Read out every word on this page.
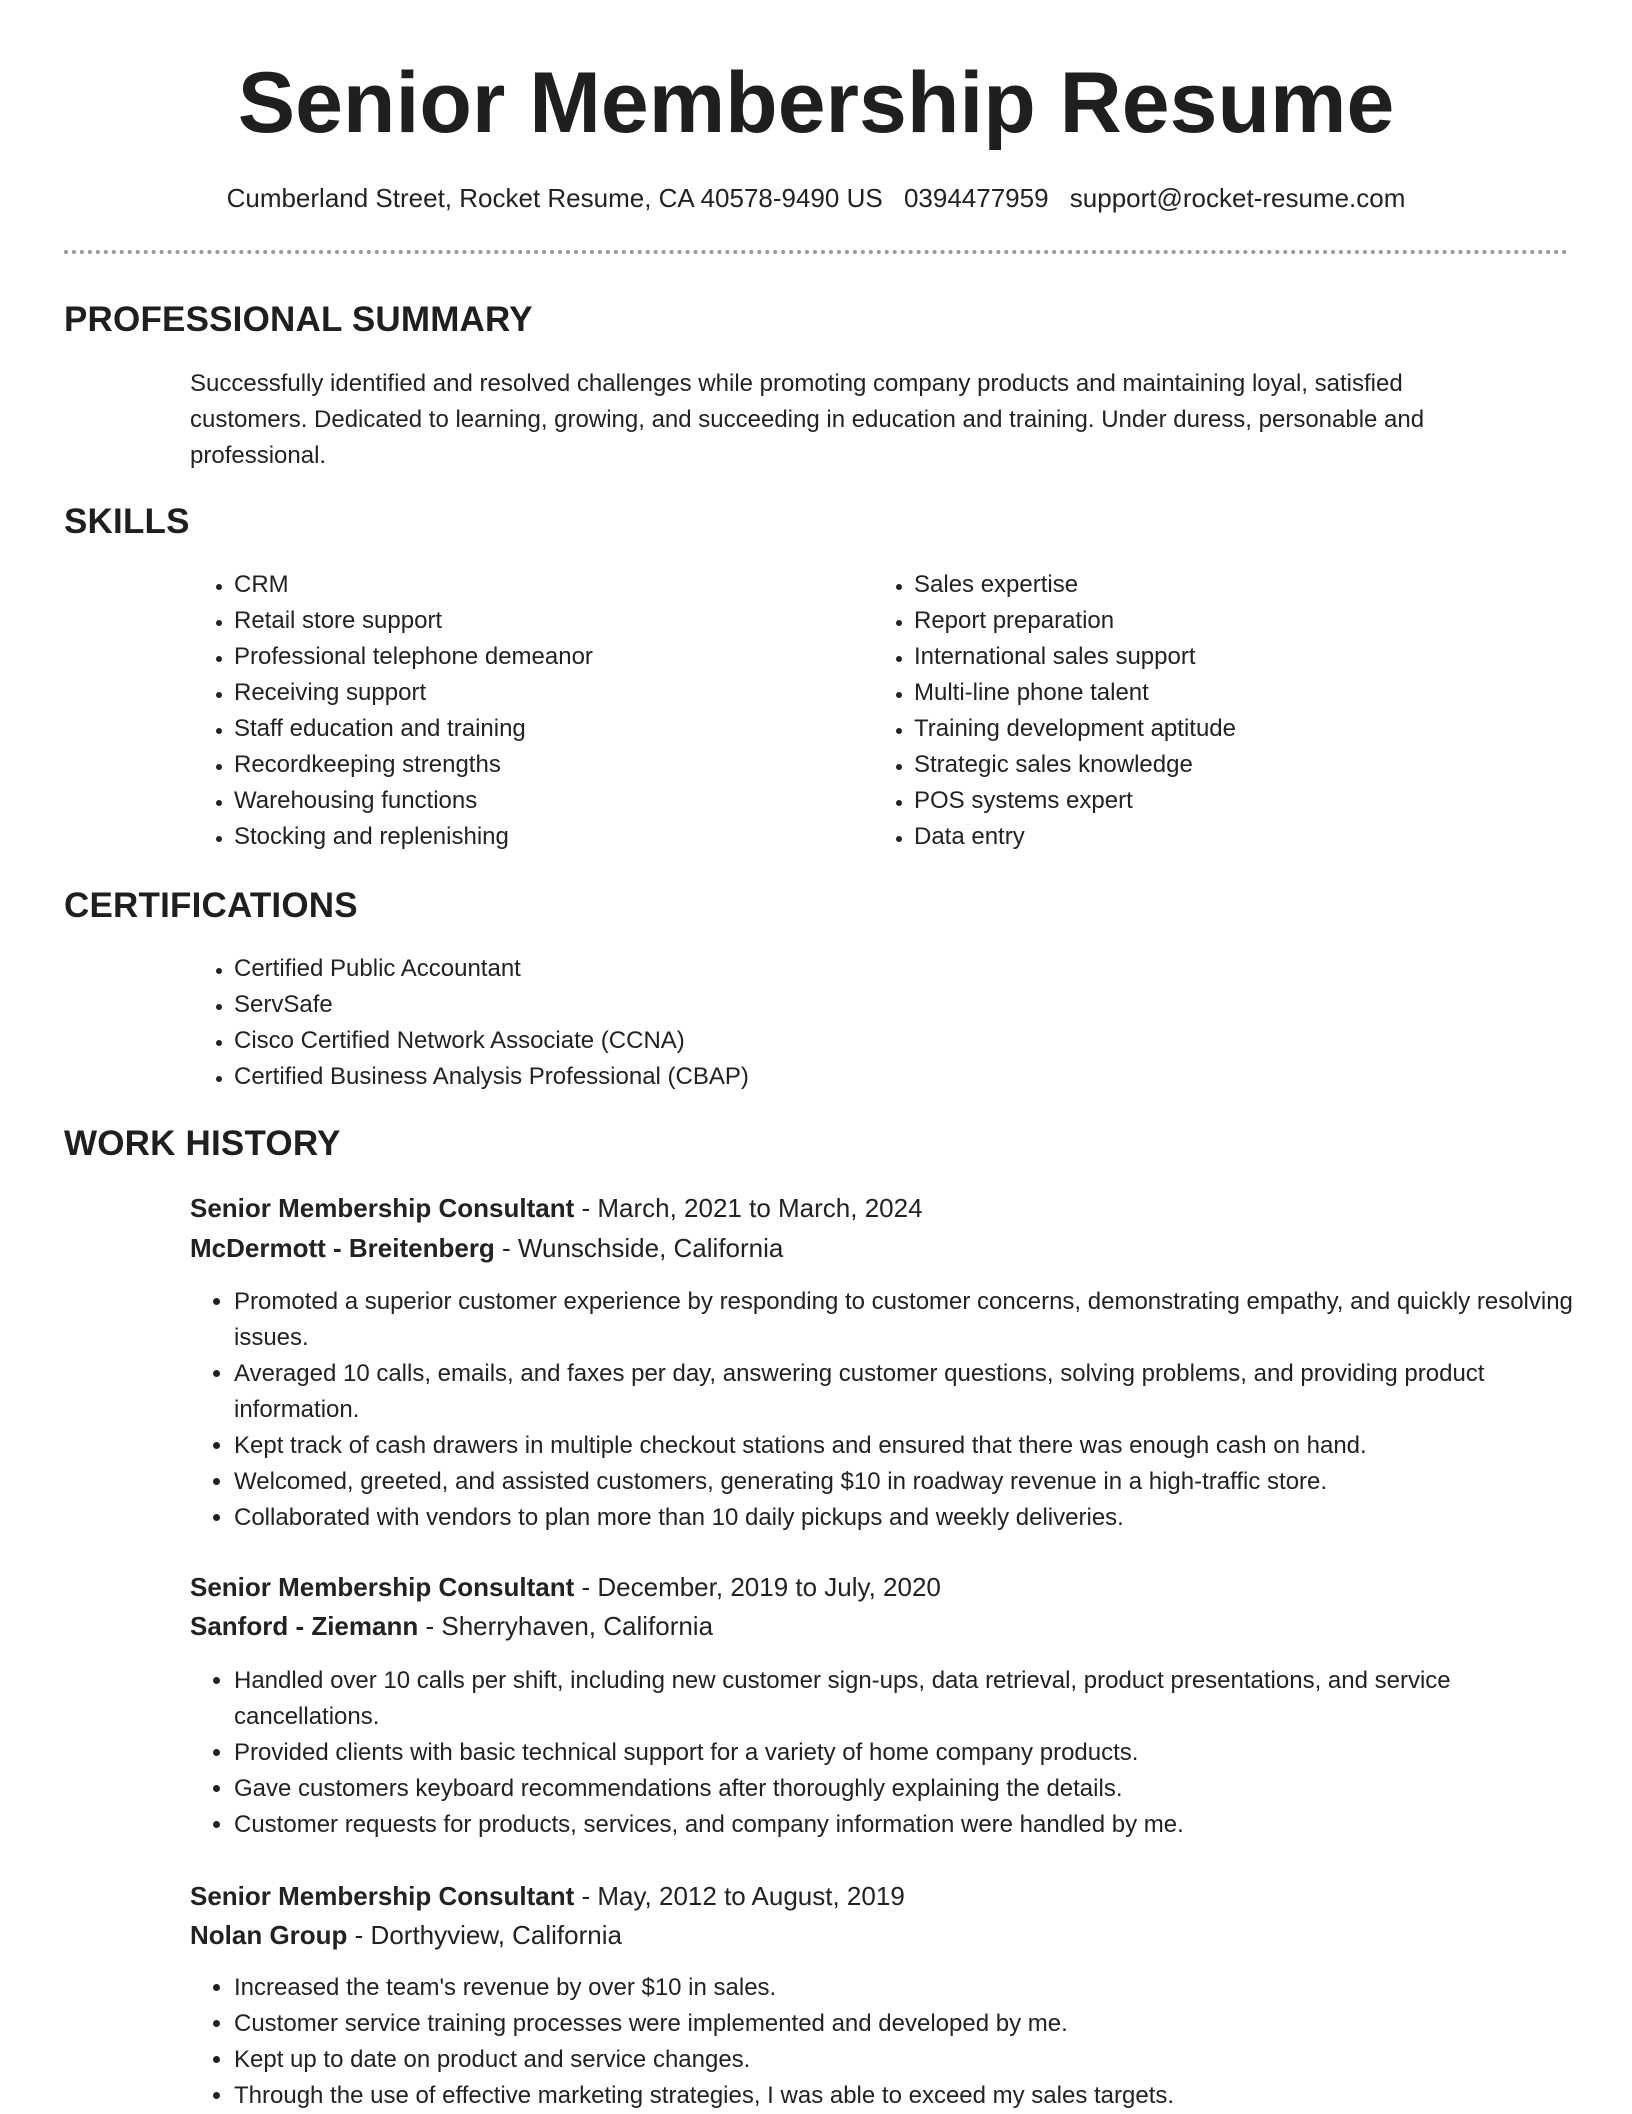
Senior Membership Resume
Cumberland Street, Rocket Resume, CA 40578-9490 US 0394477959 support@rocket-resume.com
PROFESSIONAL SUMMARY
Successfully identified and resolved challenges while promoting company products and maintaining loyal, satisfied customers. Dedicated to learning, growing, and succeeding in education and training. Under duress, personable and professional.
SKILLS
• CRM
• Retail store support
• Professional telephone demeanor
• Receiving support
• Staff education and training
• Recordkeeping strengths
• Warehousing functions
• Stocking and replenishing
• Sales expertise
• Report preparation
• International sales support
• Multi-line phone talent
• Training development aptitude
• Strategic sales knowledge
• POS systems expert
• Data entry
CERTIFICATIONS
• Certified Public Accountant
• ServSafe
• Cisco Certified Network Associate (CCNA)
• Certified Business Analysis Professional (CBAP)
WORK HISTORY
Senior Membership Consultant - March, 2021 to March, 2024
McDermott - Breitenberg - Wunschside, California
• Promoted a superior customer experience by responding to customer concerns, demonstrating empathy, and quickly resolving issues.
• Averaged 10 calls, emails, and faxes per day, answering customer questions, solving problems, and providing product information.
• Kept track of cash drawers in multiple checkout stations and ensured that there was enough cash on hand.
• Welcomed, greeted, and assisted customers, generating $10 in roadway revenue in a high-traffic store.
• Collaborated with vendors to plan more than 10 daily pickups and weekly deliveries.
Senior Membership Consultant - December, 2019 to July, 2020
Sanford - Ziemann - Sherryhaven, California
• Handled over 10 calls per shift, including new customer sign-ups, data retrieval, product presentations, and service cancellations.
• Provided clients with basic technical support for a variety of home company products.
• Gave customers keyboard recommendations after thoroughly explaining the details.
• Customer requests for products, services, and company information were handled by me.
Senior Membership Consultant - May, 2012 to August, 2019
Nolan Group - Dorthyview, California
• Increased the team's revenue by over $10 in sales.
• Customer service training processes were implemented and developed by me.
• Kept up to date on product and service changes.
• Through the use of effective marketing strategies, I was able to exceed my sales targets.
